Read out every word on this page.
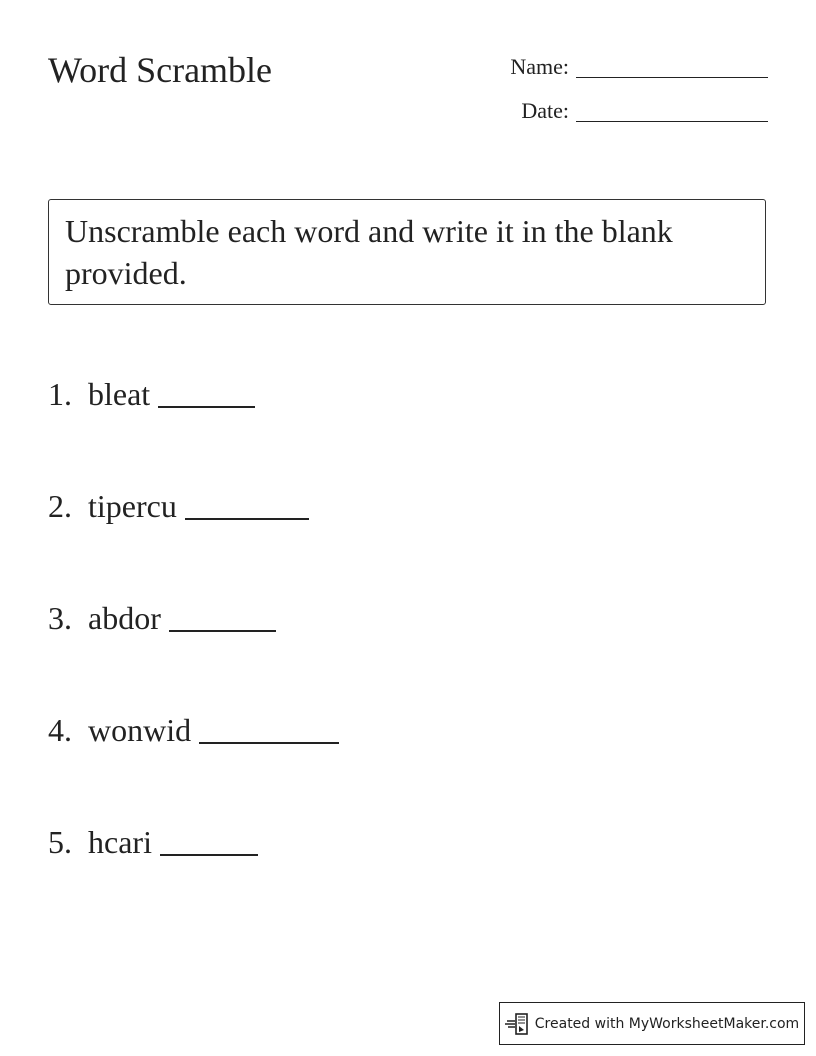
Word Scramble	Name:
Date:
Unscramble each word and write it in the blank provided.
1. bleat
2. tipercu
3. abdor
4. wonwid
5. hcari
Created with MyWorksheetMaker.com
